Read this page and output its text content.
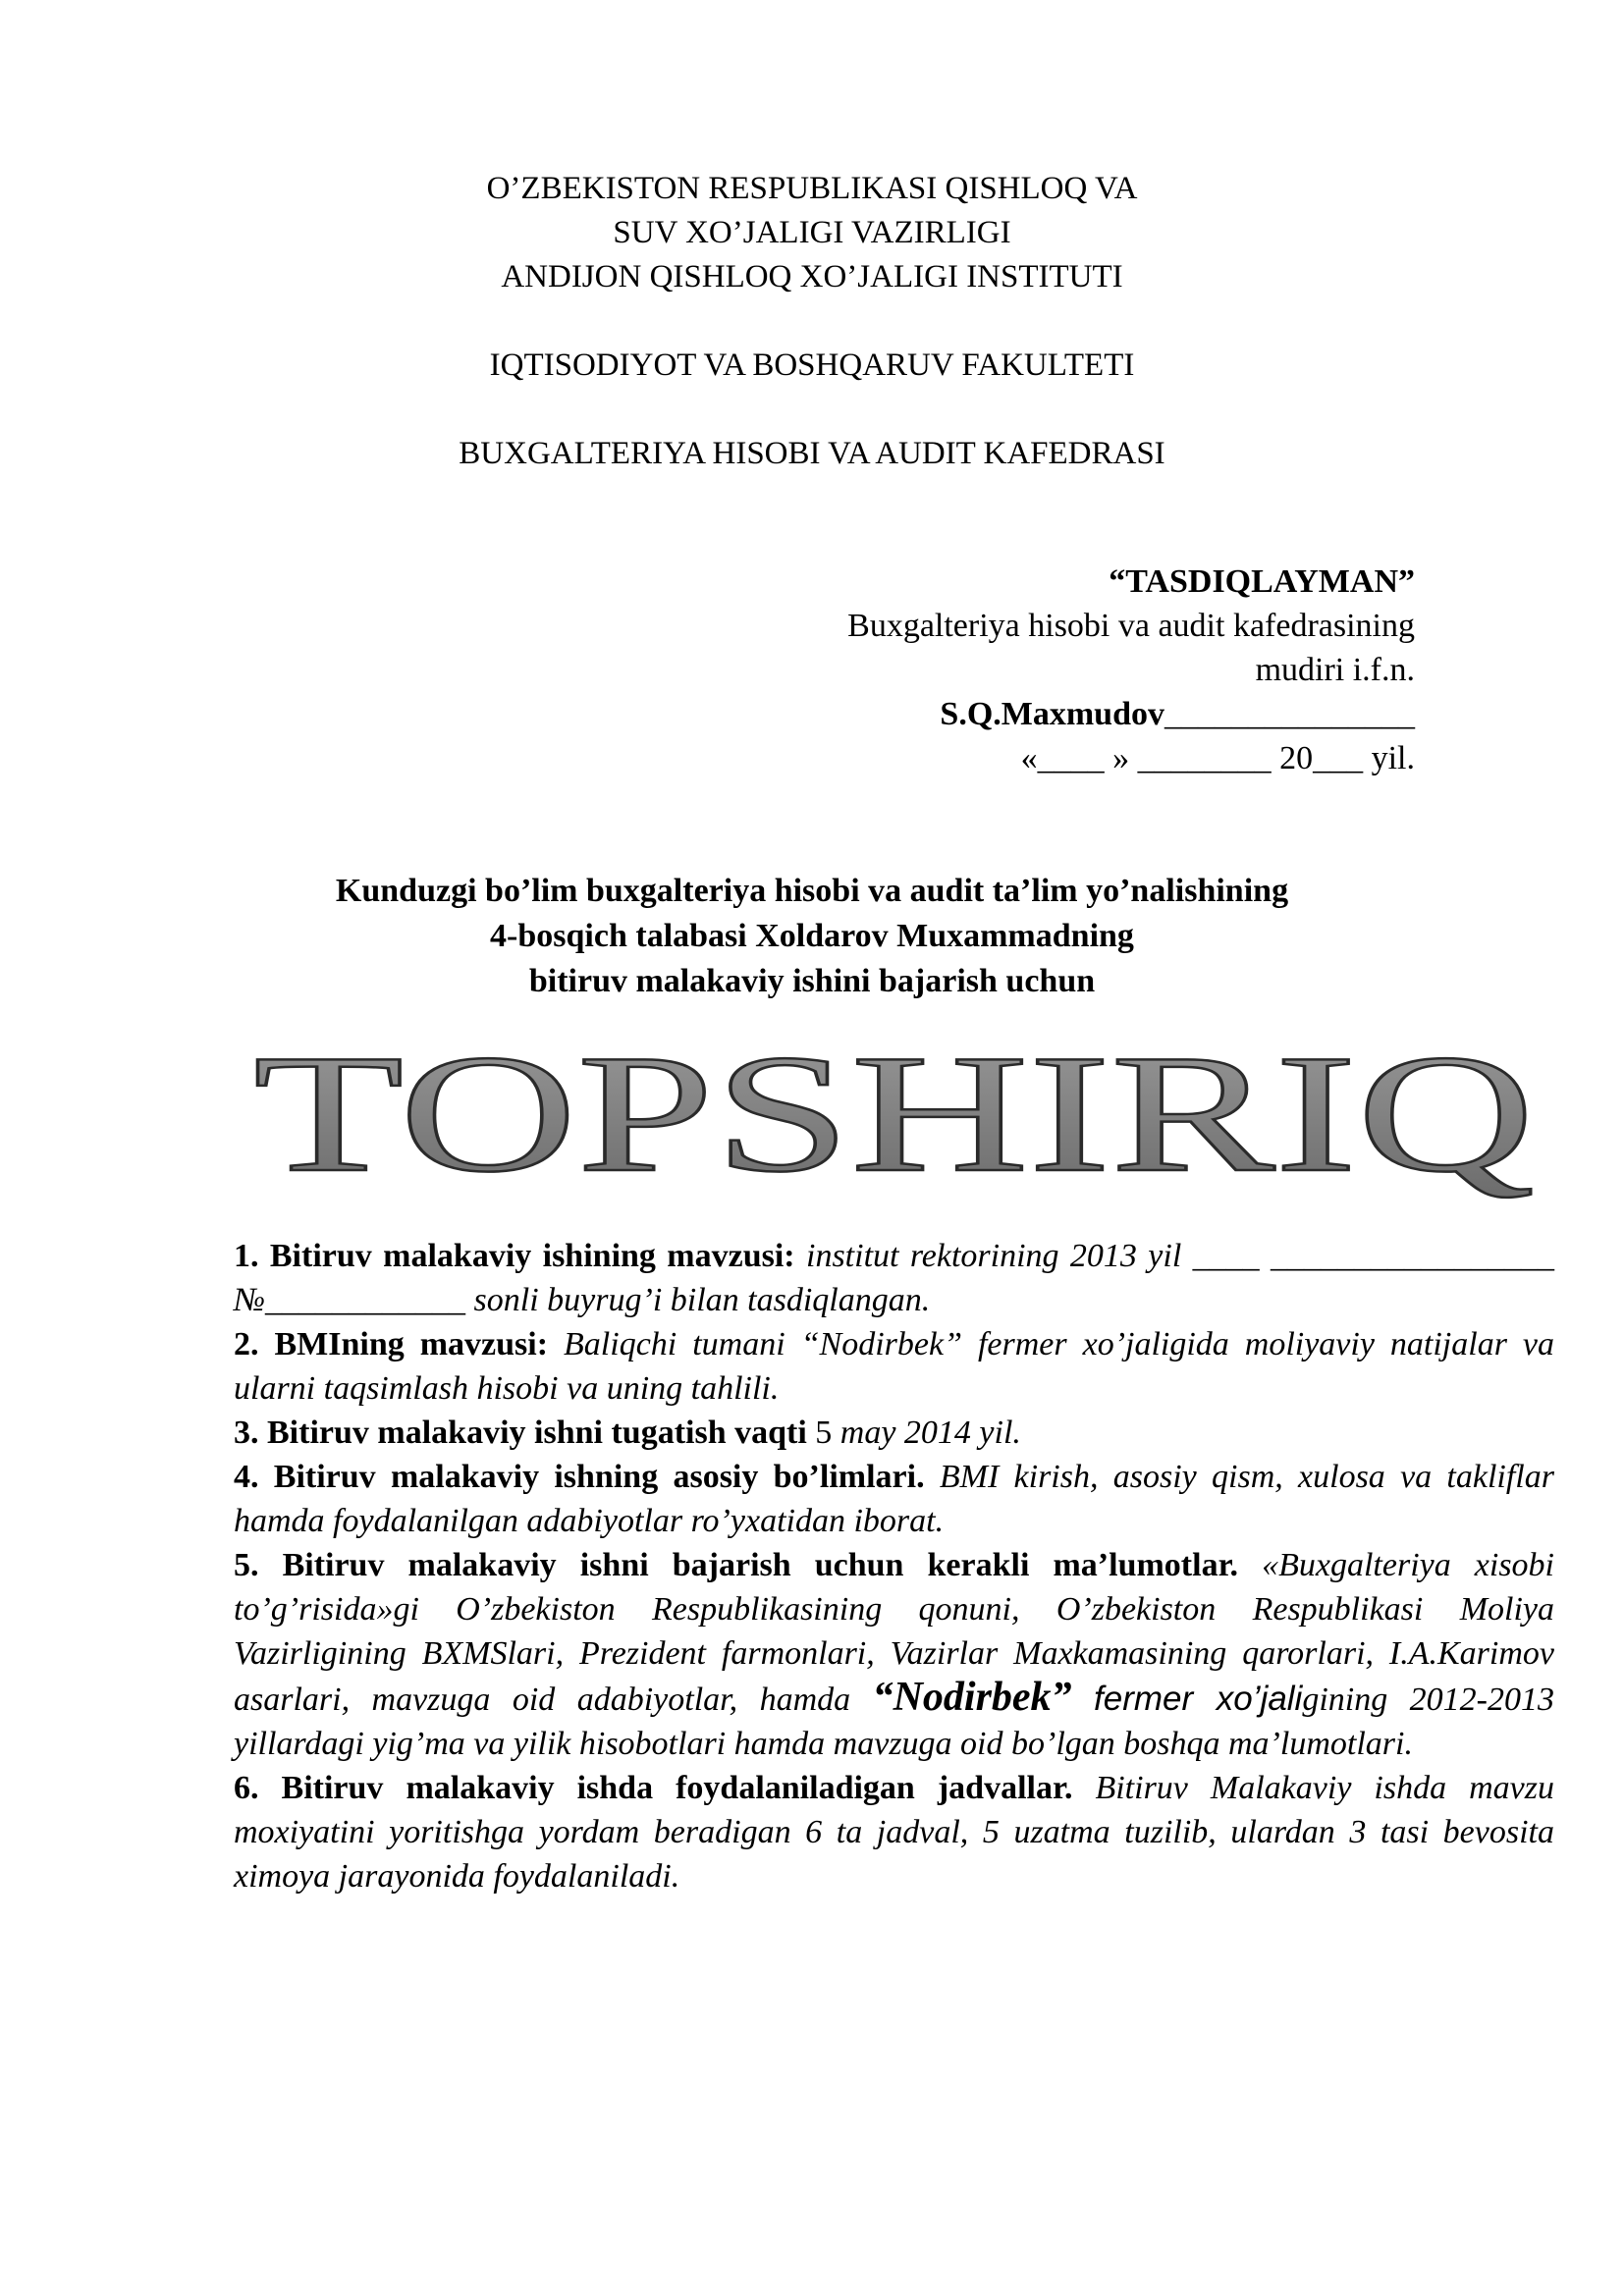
O’ZBEKISTON RESPUBLIKASI QISHLOQ VA
SUV XO’JALIGI VAZIRLIGI
ANDIJON QISHLOQ XO’JALIGI INSTITUTI
IQTISODIYOT VA BOSHQARUV FAKULTETI
BUXGALTERIYA HISOBI VA AUDIT KAFEDRASI
“TASDIQLAYMAN”
Buxgalteriya hisobi va audit kafedrasining
mudiri i.f.n.
S.Q.Maxmudov_______________
«____ » ________ 20___ yil.
Kunduzgi bo’lim buxgalteriya hisobi va audit ta’lim yo’nalishining
4-bosqich talabasi Xoldarov Muxammadning
bitiruv malakaviy ishini bajarish uchun
TOPSHIRIQ
1. Bitiruv malakaviy ishining mavzusi: institut rektorining 2013 yil ____ _________________ №____________ sonli buyrug’i bilan tasdiqlangan.
2. BMIning mavzusi: Baliqchi tumani “Nodirbek” fermer xo’jaligida moliyaviy natijalar va ularni taqsimlash hisobi va uning tahlili.
3. Bitiruv malakaviy ishni tugatish vaqti 5 may 2014 yil.
4. Bitiruv malakaviy ishning asosiy bo’limlari. BMI kirish, asosiy qism, xulosa va takliflar hamda foydalanilgan adabiyotlar ro’yxatidan iborat.
5. Bitiruv malakaviy ishni bajarish uchun kerakli ma’lumotlar. «Buxgalteriya xisobi to’g’risida»gi O’zbekiston Respublikasining qonuni, O’zbekiston Respublikasi Moliya Vazirligining BXMSlari, Prezident farmonlari, Vazirlar Maxkamasining qarorlari, I.A.Karimov asarlari, mavzuga oid adabiyotlar, hamda “Nodirbek” fermer xo’jaligining 2012-2013 yillardagi yig’ma va yilik hisobotlari hamda mavzuga oid bo’lgan boshqa ma’lumotlari.
6. Bitiruv malakaviy ishda foydalaniladigan jadvallar. Bitiruv Malakaviy ishda mavzu moxiyatini yoritishga yordam beradigan 6 ta jadval, 5 uzatma tuzilib, ulardan 3 tasi bevosita ximoya jarayonida foydalaniladi.
